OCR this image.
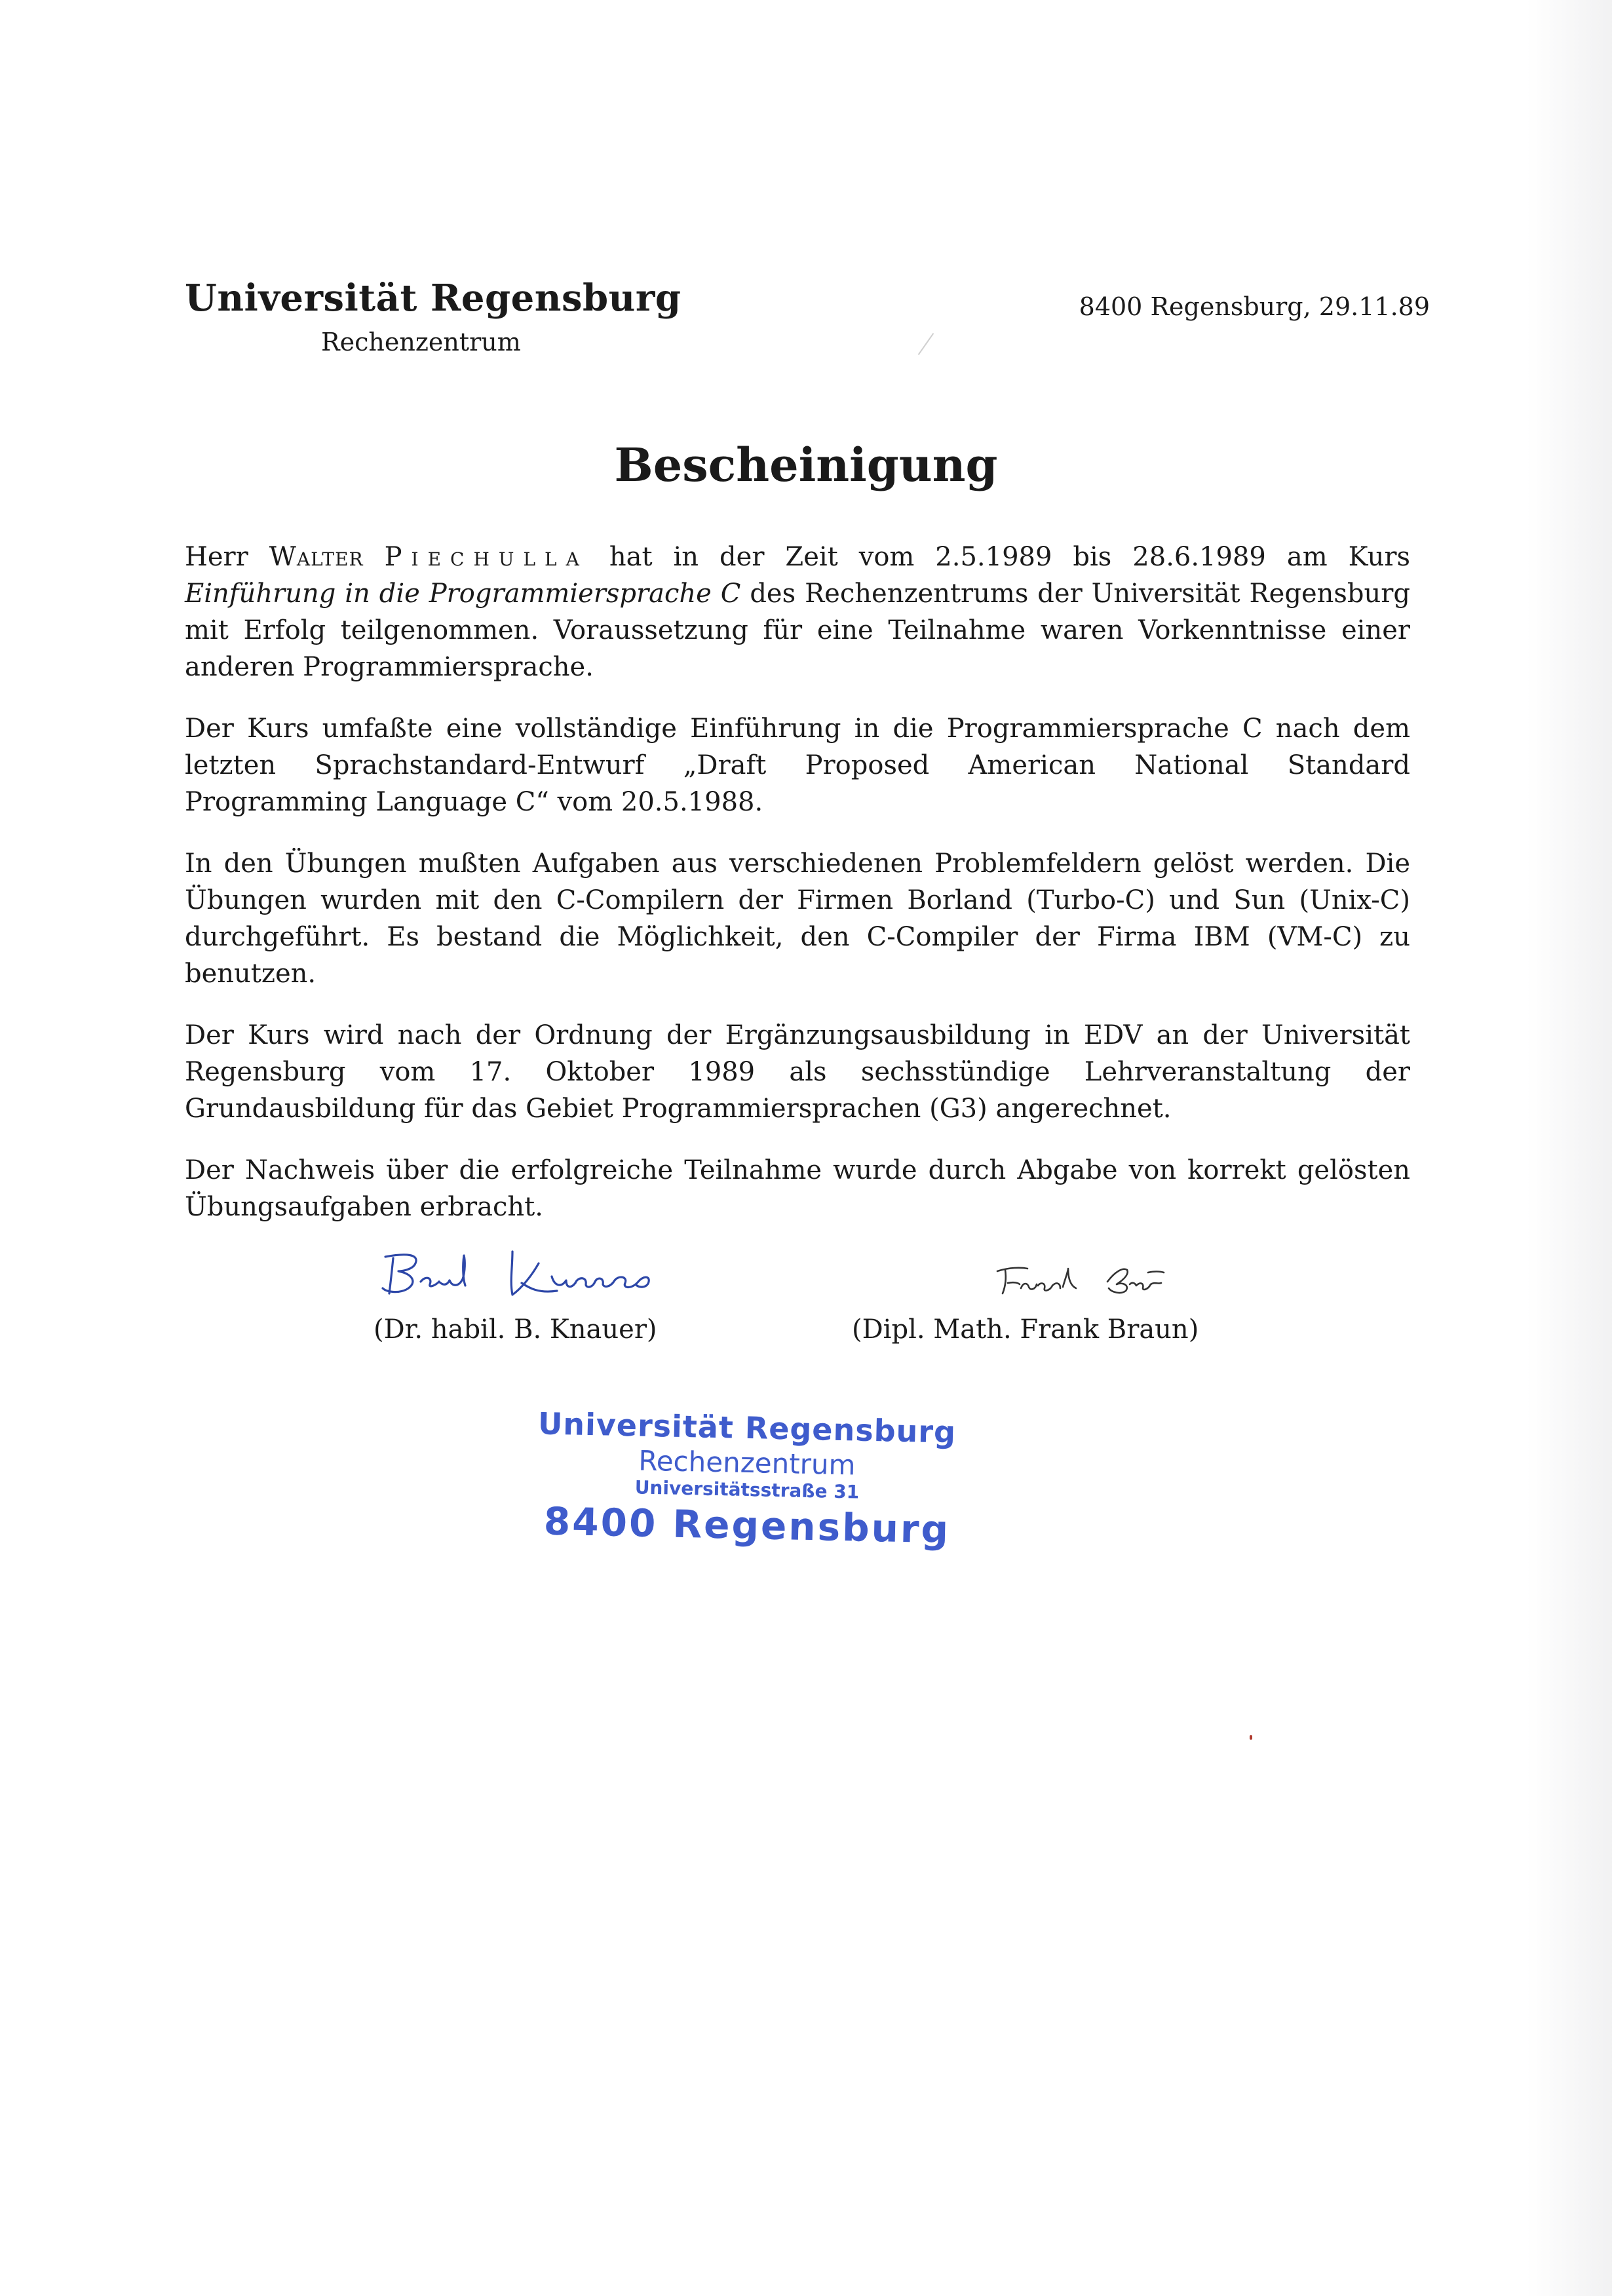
Universität Regensburg
Rechenzentrum
8400 Regensburg, 29.11.89
Bescheinigung

Herr Walter Piechulla hat in der Zeit vom 2.5.1989 bis 28.6.1989 am Kurs Einführung in die Programmiersprache C des Rechenzentrums der Universität Regensburg mit Erfolg teilgenommen. Voraussetzung für eine Teilnahme waren Vorkenntnisse einer anderen Programmiersprache.

Der Kurs umfaßte eine vollständige Einführung in die Programmiersprache C nach dem letzten Sprachstandard-Entwurf „Draft Proposed American National Standard Programming Language C“ vom 20.5.1988.

In den Übungen mußten Aufgaben aus verschiedenen Problemfeldern gelöst werden. Die Übungen wurden mit den C-Compilern der Firmen Borland (Turbo-C) und Sun (Unix-C) durchgeführt. Es bestand die Möglichkeit, den C-Compiler der Firma IBM (VM-C) zu benutzen.

Der Kurs wird nach der Ordnung der Ergänzungsausbildung in EDV an der Universität Regensburg vom 17. Oktober 1989 als sechsstündige Lehrveranstaltung der Grundausbildung für das Gebiet Programmiersprachen (G3) angerechnet.

Der Nachweis über die erfolgreiche Teilnahme wurde durch Abgabe von korrekt gelösten Übungsaufgaben erbracht.

(Dr. habil. B. Knauer)	(Dipl. Math. Frank Braun)
Universität Regensburg
Rechenzentrum
Universitätsstraße 31
8400 Regensburg
